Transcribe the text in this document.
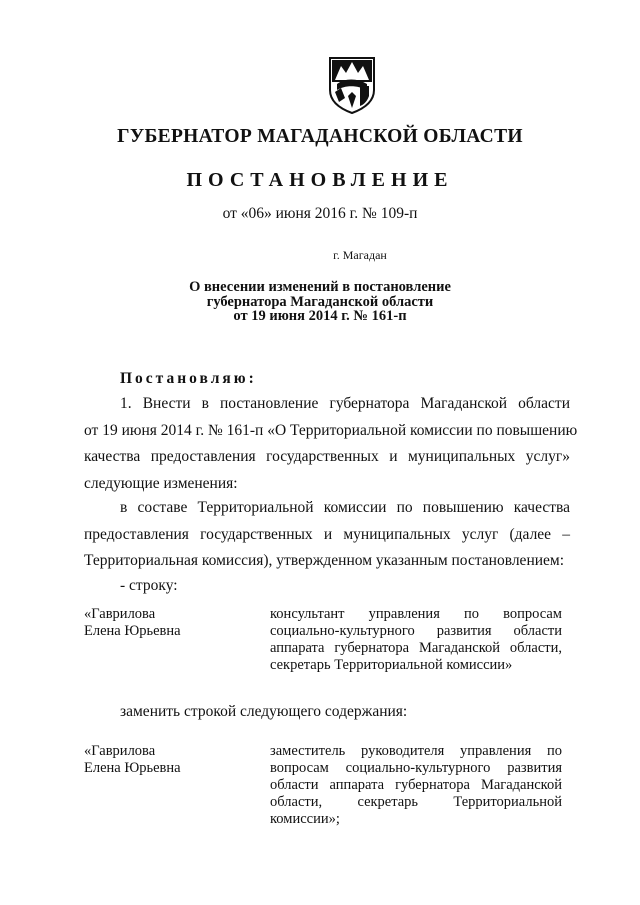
ГУБЕРНАТОР МАГАДАНСКОЙ ОБЛАСТИ
ПОСТАНОВЛЕНИЕ
от «06» июня 2016 г. № 109-п
г. Магадан
О внесении изменений в постановление
губернатора Магаданской области
от 19 июня 2014 г. № 161-п
Постановляю:
1. Внести в постановление губернатора Магаданской области
от 19 июня 2014 г. № 161-п «О Территориальной комиссии по повышению
качества предоставления государственных и муниципальных услуг»
следующие изменения:
в составе Территориальной комиссии по повышению качества
предоставления государственных и муниципальных услуг (далее –
Территориальная комиссия), утвержденном указанным постановлением:
- строку:
«Гаврилова
Елена Юрьевна
консультант управления по вопросам
социально-культурного развития области
аппарата губернатора Магаданской области,
секретарь Территориальной комиссии»
заменить строкой следующего содержания:
«Гаврилова
Елена Юрьевна
заместитель руководителя управления по
вопросам социально-культурного развития
области аппарата губернатора Магаданской
области, секретарь Территориальной
комиссии»;
